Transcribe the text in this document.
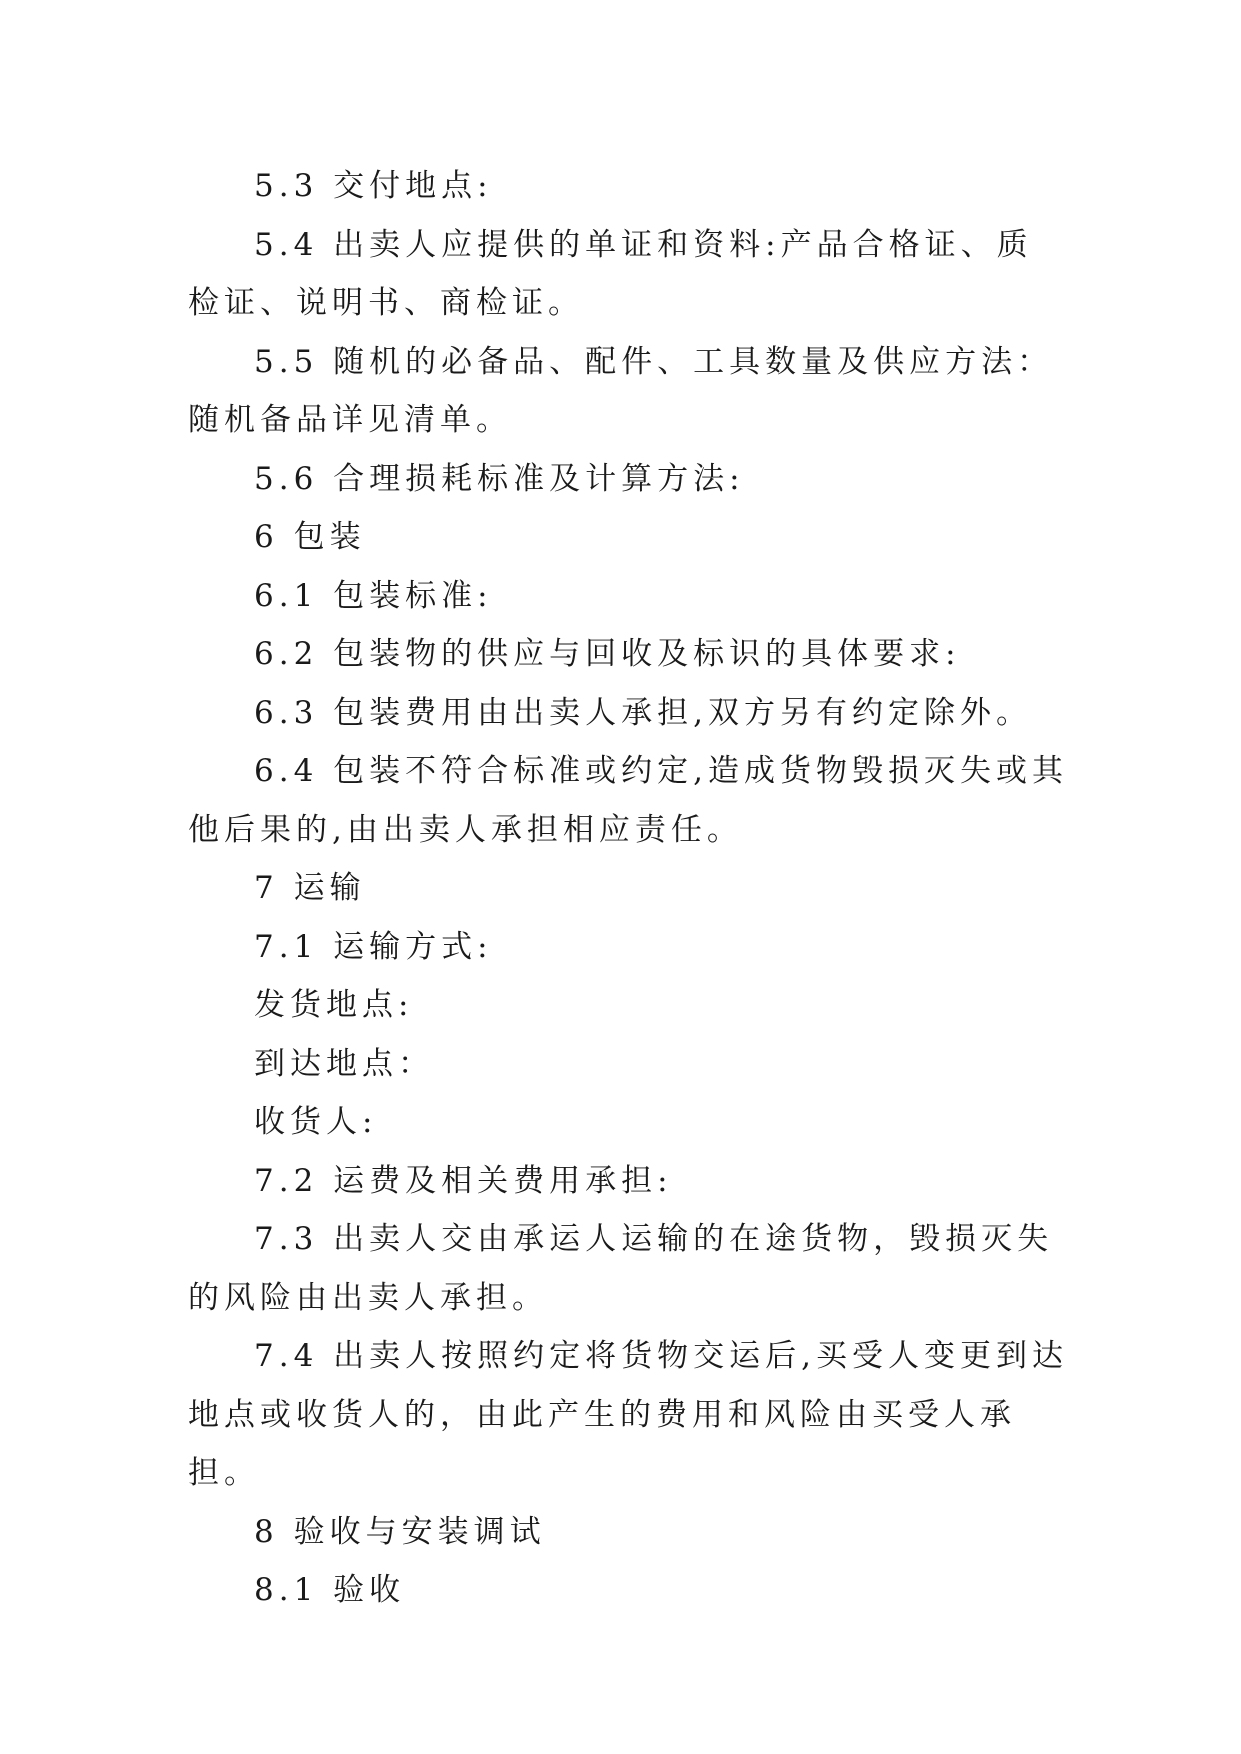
5.3 交付地点:

5.4 出卖人应提供的单证和资料:产品合格证、质检证、说明书、商检证。

5.5 随机的必备品、配件、工具数量及供应方法：随机备品详见清单。

5.6 合理损耗标准及计算方法:

6 包装

6.1 包装标准:

6.2 包装物的供应与回收及标识的具体要求:

6.3 包装费用由出卖人承担,双方另有约定除外。

6.4 包装不符合标准或约定,造成货物毁损灭失或其他后果的,由出卖人承担相应责任。

7 运输

7.1 运输方式:

发货地点:

到达地点：

收货人:

7.2 运费及相关费用承担:

7.3 出卖人交由承运人运输的在途货物，毁损灭失的风险由出卖人承担。

7.4 出卖人按照约定将货物交运后,买受人变更到达地点或收货人的，由此产生的费用和风险由买受人承担。

8 验收与安装调试

8.1 验收
